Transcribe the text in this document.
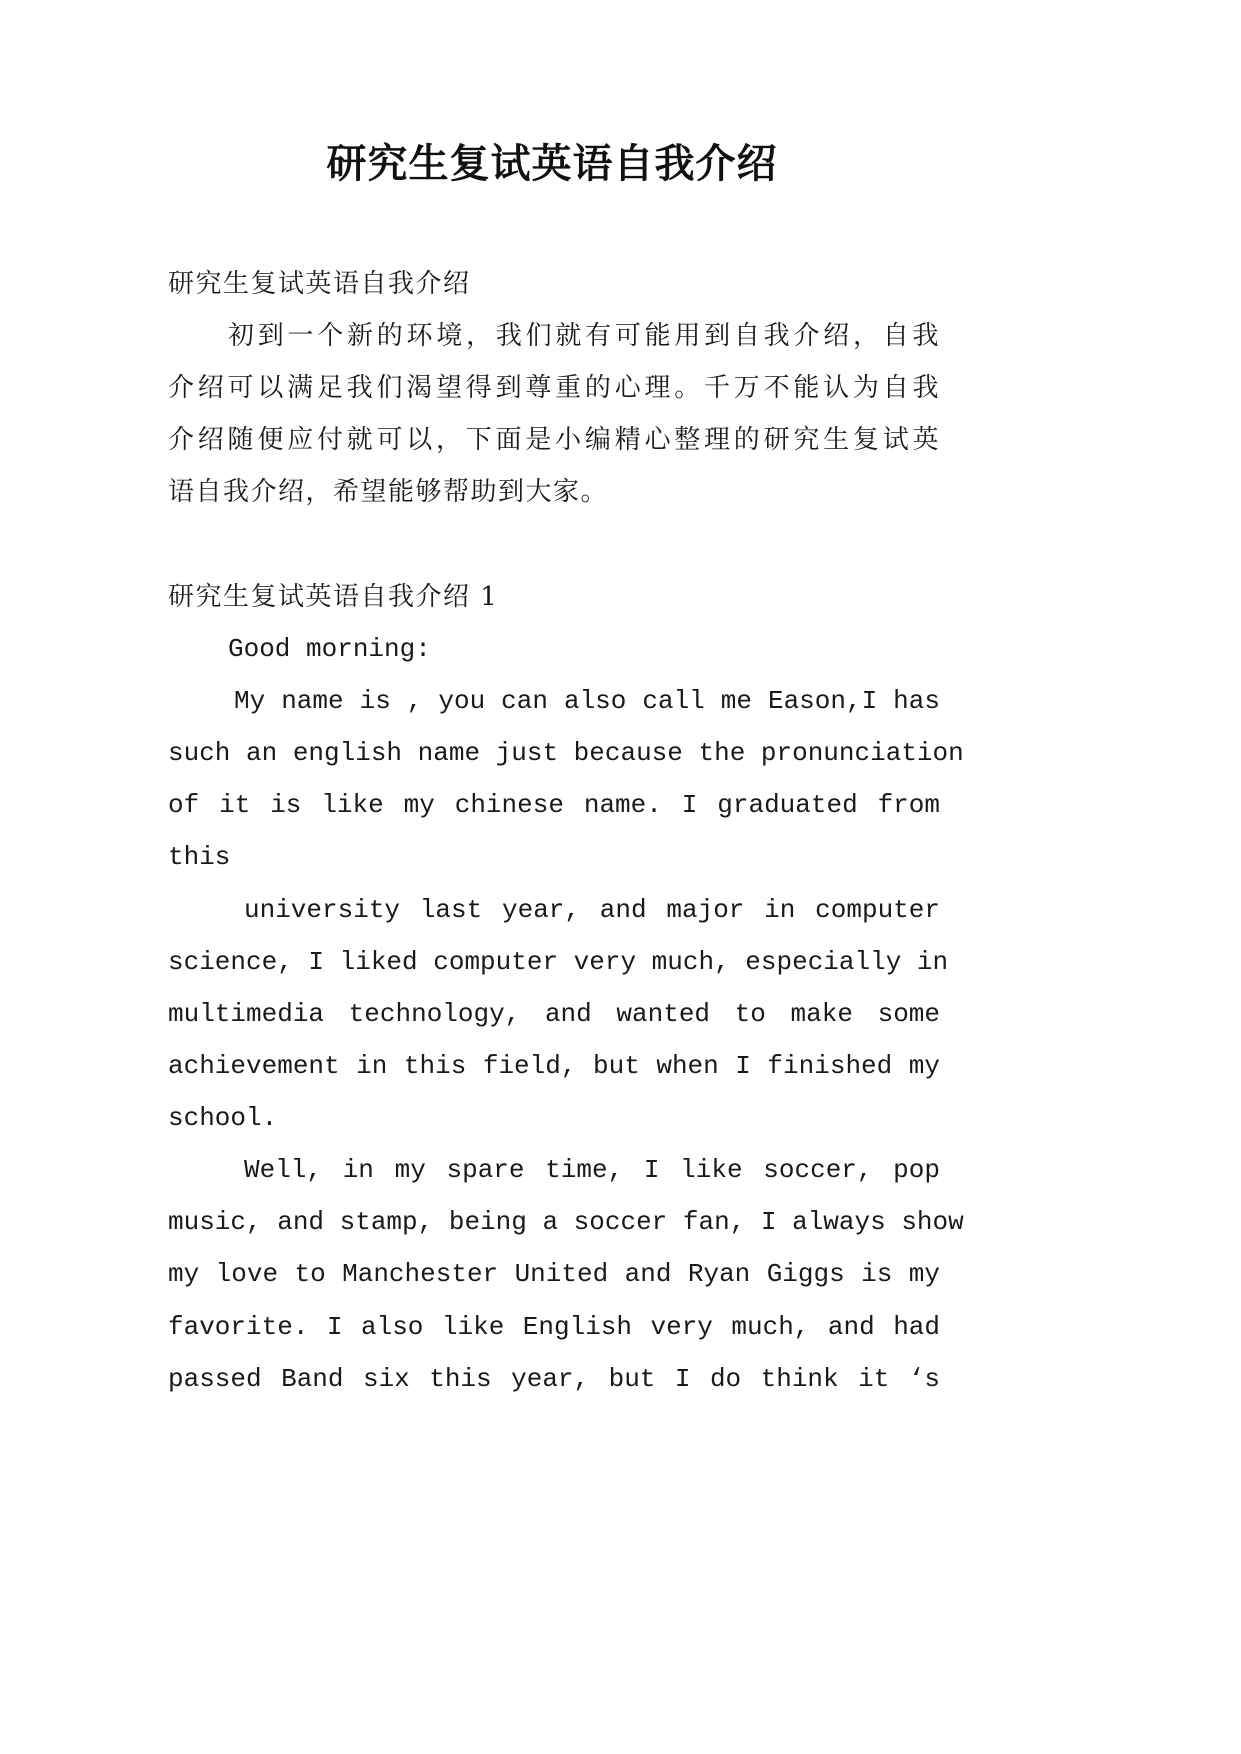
研究生复试英语自我介绍

研究生复试英语自我介绍

初到一个新的环境，我们就有可能用到自我介绍，自我

介绍可以满足我们渴望得到尊重的心理。千万不能认为自我

介绍随便应付就可以，下面是小编精心整理的研究生复试英

语自我介绍，希望能够帮助到大家。

研究生复试英语自我介绍 1

Good morning:

My name is , you can also call me Eason,I has

such an english name just because the pronunciation

of it is like my chinese name. I graduated from

this

university last year, and major in computer

science, I liked computer very much, especially in

multimedia technology, and wanted to make some

achievement in this field, but when I finished my

school.

Well, in my spare time, I like soccer, pop

music, and stamp, being a soccer fan, I always show

my love to Manchester United and Ryan Giggs is my

favorite. I also like English very much, and had

passed Band six this year, but I do think it ‘s
